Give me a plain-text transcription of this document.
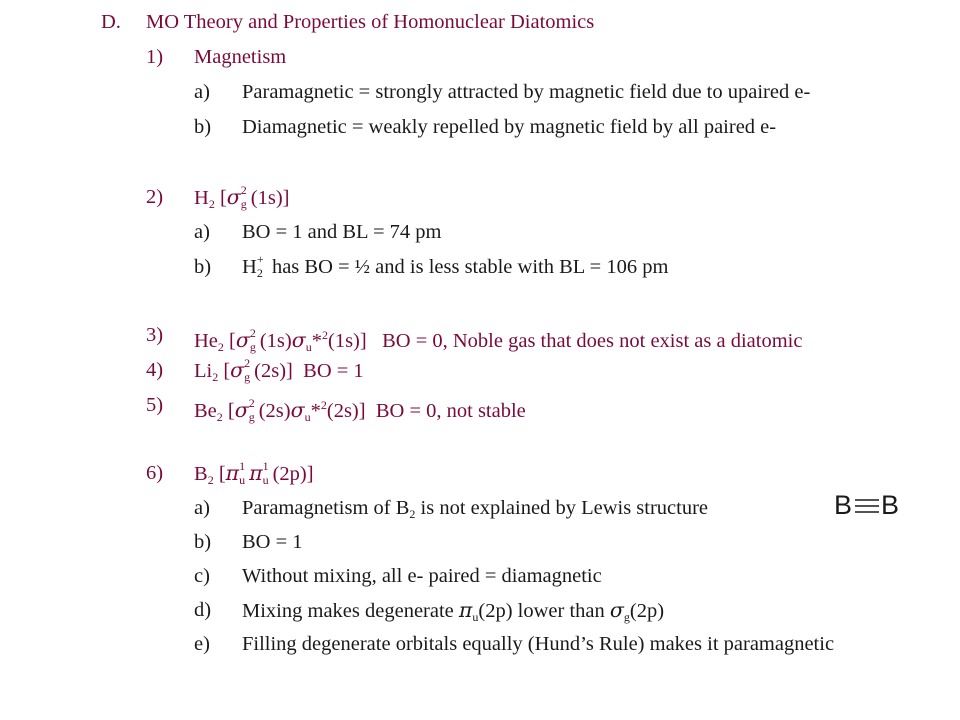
D. MO Theory and Properties of Homonuclear Diatomics
1) Magnetism
a) Paramagnetic = strongly attracted by magnetic field due to upaired e-
b) Diamagnetic = weakly repelled by magnetic field by all paired e-
2) $H_2$ [σ 2
g (1s)]
a) BO = 1 and BL = 74 pm
b) H +
2 has BO = ½ and is less stable with BL = 106 pm
3) $He_2$ [σ 2
g $(1s)\sigma_u*^2(1s)$]   BO = 0, Noble gas that does not exist as a diatomic
4) $Li_2$ [σ 2
g (2s)]  BO = 1
5) $Be_2$ [σ 2
g $(2s)\sigma_u*^2(2s)$]  BO = 0, not stable
6) $B_2$ [π 1
u π 1
u (2p)]
a) Paramagnetism of $B_2$ is not explained by Lewis structure	B B
b) BO = 1
c) Without mixing, all e- paired = diamagnetic
d) Mixing makes degenerate $\pi_u(2p)$ lower than $\sigma_g(2p)$
e) Filling degenerate orbitals equally (Hund’s Rule) makes it paramagnetic
